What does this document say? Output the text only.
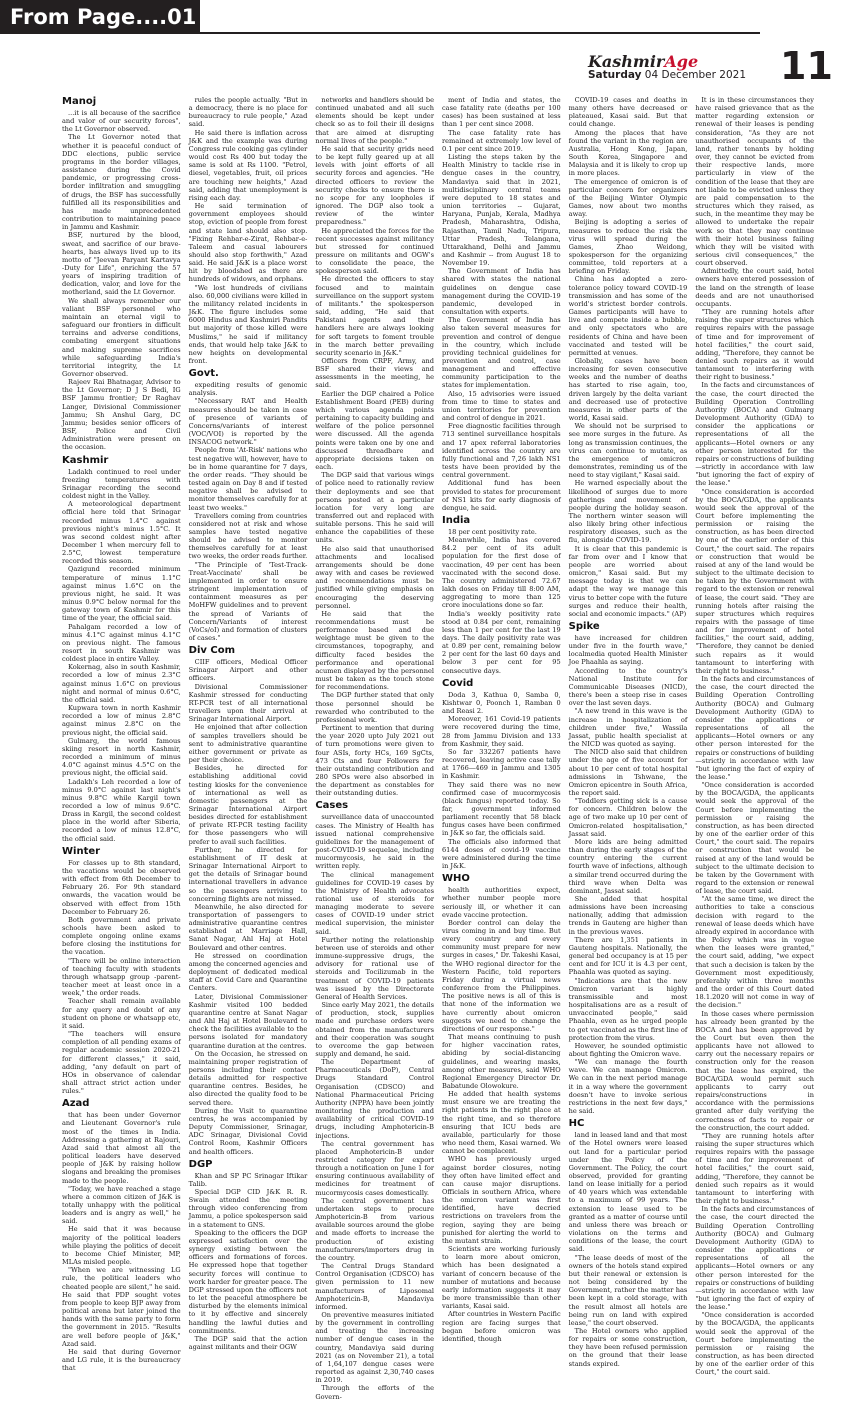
From Page....01
KashmirAge
Saturday 04 December 2021 11
Manoj

...it is all because of the sacrifice and valor of our security forces", the Lt Governor observed.

The Lt Governor noted that whether it is peaceful conduct of DDC elections, public service programs in the border villages, assistance during the Covid pandemic, or progressing cross-border infiltration and smuggling of drugs, the BSF has successfully fulfilled all its responsibilities and has made unprecedented contribution to maintaining peace in Jammu and Kashmir.

BSF, nurtured by the blood, sweat, and sacrifice of our brave-hearts, has always lived up to its motto of "Jeevan Paryant Kartavya -Duty for Life", enriching the 57 years of inspiring tradition of dedication, valor, and love for the motherland, said the Lt Governor.

We shall always remember our valiant BSF personnel who maintain an eternal vigil to safeguard our frontiers in difficult terrains and adverse conditions, combating emergent situations and making supreme sacrifices while safeguarding India's territorial integrity, the Lt Governor observed.

Rajeev Rai Bhatnagar, Advisor to the Lt Governor; D J S Bedi, IG BSF Jammu frontier; Dr Raghav Langer, Divisional Commissioner Jammu; Sh Anshul Garg, DC Jammu; besides senior officers of BSF, Police and Civil Administration were present on the occasion.

Kashmir

Ladakh continued to reel under freezing temperatures with Srinagar recording the second coldest night in the Valley.

A meteorological department official here told that Srinagar recorded minus 1.4°C against previous night's minus 1.5°C. It was second coldest night after December 1 when mercury fell to 2.5°C, lowest temperature recorded this season.

Qazigund recorded minimum temperature of minus 1.1°C against minus 1.6°C on the previous night, he said. It was minus 0.9°C below normal for the gateway town of Kashmir for this time of the year, the official said.

Pahalgam recorded a low of minus 4.1°C against minus 4.1°C on previous night. The famous resort in south Kashmir was coldest place in entire Valley.

Kokernag, also in south Kashmir, recorded a low of minus 2.3°C against minus 1.6°C on previous night and normal of minus 0.6°C, the official said.

Kupwara town in north Kashmir recorded a low of minus 2.8°C against minus 2.8°C on the previous night, the official said.

Gulmarg, the world famous skiing resort in north Kashmir, recorded a minimum of minus 4.0°C against minus 4.5°C on the previous night, the official said.

Ladakh's Leh recorded a low of minus 9.0°C against last night's minus 9.8°C while Kargil town recorded a low of minus 9.6°C. Drass in Kargil, the second coldest place in the world after Siberia, recorded a low of minus 12.8°C, the official said.

Winter

For classes up to 8th standard, the vacations would be observed with effect from 6th December to February 26. For 9th standard onwards, the vacation would be observed with effect from 15th December to February 26.

Both government and private schools have been asked to complete ongoing online exams before closing the institutions for the vacation.

"There will be online interaction of teaching faculty with students through whatsapp group -parent-teacher meet at least once in a week," the order reads.

Teacher shall remain available for any query and doubt of any student on phone or whatsapp etc, it said.

"The teachers will ensure completion of all pending exams of regular academic session 2020-21 for different classes," it said, adding, "any default on part of HOs in observance of calendar shall attract strict action under rules."

Azad

that has been under Governor and Lieutenant Governor's rule most of the times in India. Addressing a gathering at Rajouri, Azad said that almost all the political leaders have deserved people of J&K by raising hollow slogans and breaking the promises made to the people.

"Today, we have reached a stage where a common citizen of J&K is totally unhappy with the political leaders and is angry as well," he said.

He said that it was because majority of the political leaders while playing the politics of deceit to become Chief Minister, MP, MLAs misled people.

"When we are witnessing LG rule, the political leaders who cheated people are silent," he said. He said that PDP sought votes from people to keep BJP away from political arena but later joined the hands with the same party to form the government in 2015. "Results are well before people of J&K," Azad said.

He said that during Governor and LG rule, it is the bureaucracy that

rules the people actually. "But in a democracy, there is no place for bureaucracy to rule people," Azad said.

He said there is inflation across J&K and the example was during Congress rule cooking gas cylinder would cost Rs 400 but today the same is sold at Rs 1100. "Petrol, diesel, vegetables, fruit, oil prices are touching new heights," Azad said, adding that unemployment is rising each day.

He said termination of government employees should stop, eviction of people from forest and state land should also stop. "Fixing Rehbar-e-Zirat, Rehbar-e-Taleem and casual labourers should also stop forthwith," Azad said. He said J&K is a place worst hit by bloodshed as there are hundreds of widows, and orphans.

"We lost hundreds of civilians also. 60,000 civilians were killed in the militancy related incidents in J&K. The figure includes some 6000 Hindus and Kashmiri Pandits but majority of those killed were Muslims," he said if militancy ends, that would help take J&K to new heights on developmental front.

Govt.

expediting results of genomic analysis.

"Necessary RAT and Health measures should be taken in case of presence of variants of Concerns/variants of interest (VOC/VOI) is reported by the INSACOG network."

People from 'At-Risk' nations who test negative will, however, have to be in home quarantine for 7 days, the order reads. "They should be tested again on Day 8 and if tested negative shall be advised to monitor themselves carefully for at least two weeks."

Travellers coming from countries considered not at risk and whose samples have tested negative should be advised to monitor themselves carefully for at least two weeks, the order reads further.

"The Principle of 'Test-Track-Treat-Vaccinate' shall be implemented in order to ensure stringent implementation of containment measures as per MoHFW guidelines and to prevent the spread of Variants of Concern/Variants of interest (VoCs/oI) and formation of clusters of cases."

Div Com

CIIF officers, Medical Officer Srinagar Airport and other officers.

Divisional Commissioner Kashmir stressed for conducting RT-PCR test of all international travellers upon their arrival at Srinagar International Airport.

He enjoined that after collection of samples travellers should be sent to administrative quarantine either government or private as per their choice.

Besides, he directed for establishing additional covid testing kiosks for the convenience of international as well as domestic passengers at the Srinagar International Airport besides directed for establishment of private RT-PCR testing facility for those passengers who will prefer to avail such facilities.

Further, he directed for establishment of IT desk at Srinagar International Airport to get the details of Srinagar bound international travellers in advance so the passengers arriving to concerning flights are not missed.

Meanwhile, he also directed for transportation of passengers to administrative quarantine centres established at Marriage Hall, Sanat Nagar, Ahl Haj at Hotel Boulevard and other centres.

He stressed on coordination among the concerned agencies and deployment of dedicated medical staff at Covid Care and Quarantine Centers.

Later, Divisional Commissioner Kashmir visited 100 bedded quarantine centre at Sanat Nagar and Ahl Haj at Hotel Boulevard to check the facilities available to the persons isolated for mandatory quarantine duration at the centres.

On the Occasion, he stressed on maintaining proper registration of persons including their contact details admitted for respective quarantine centres. Besides, he also directed the quality food to be served there.

During the Visit to quarantine centres, he was accompanied by Deputy Commissioner, Srinagar, ADC Srinagar, Divisional Covid Control Room, Kashmir Officers and health officers.

DGP

Khan and SP PC Srinagar Iftikar Talib.

Special DGP CID J&K R. R. Swain attended the meeting through video conferencing from Jammu, a police spokesperson said in a statement to GNS.

Speaking to the officers the DGP expressed satisfaction over the synergy existing between the officers and formations of forces. He expressed hope that together security forces will continue to work harder for greater peace. The DGP stressed upon the officers not to let the peaceful atmosphere be disturbed by the elements inimical to it by effective and sincerely handling the lawful duties and commitments.

The DGP said that the action against militants and their OGW

networks and handlers should be continued unabated and all such elements should be kept under check so as to foil their ill designs that are aimed at disrupting normal lives of the people."

He said that security grids need to be kept fully geared up at all levels with joint efforts of all security forces and agencies. "He directed officers to review the security checks to ensure there is no scope for any loopholes if ignored. The DGP also took a review of the winter preparedness."

He appreciated the forces for the recent successes against militancy but stressed for continued pressure on militants and OGW's to consolidate the peace, the spokesperson said.

He directed the officers to stay focused and to maintain surveillance on the support system of militants." the spokesperson said, adding, "He said that Pakistani agents and their handlers here are always looking for soft targets to foment trouble in the march better prevailing security scenario in J&K."

Officers from CRPF, Army, and BSF shared their views and assessments in the meeting, he said.

Earlier the DGP chaired a Police Establishment Board (PEB) during which various agenda points pertaining to capacity building and welfare of the police personnel were discussed. All the agenda points were taken one by one and discussed threadbare and appropriate decisions taken on each.

The DGP said that various wings of police need to rationally review their deployments and see that persons posted at a particular location for very long are transferred out and replaced with suitable persons. This he said will enhance the capabilities of these units.

He also said that unauthorised attachments and localised arrangements should be done away with and cases be reviewed and recommendations must be justified while giving emphasis on encouraging the deserving personnel.

He said that the recommendations must be performance based and due weightage must be given to the circumstances, topography, and difficulty faced besides the performance and operational acumen displayed by the personnel must be taken as the touch stone for recommendations.

The DGP further stated that only those personnel should be rewarded who contributed to the professional work.

Pertinent to mention that during the year 2020 upto July 2021 out of turn promotions were given to four ASIs, forty HCs, 169 SgCts, 473 Cts and four Followers for their outstanding contribution and 280 SPOs were also absorbed in the department as constables for their outstanding duties.

Cases

surveillance data of unaccounted cases. The Ministry of Health has issued national comprehensive guidelines for the management of post-COVID-19 sequelae, including mucormycosis, he said in the written reply.

The clinical management guidelines for COVID-19 cases by the Ministry of Health advocates rational use of steroids for managing moderate to severe cases of COVID-19 under strict medical supervision, the minister said.

Further noting the relationship between use of steroids and other immune-suppressive drugs, the advisory for rational use of steroids and Tocilizumab in the treatment of COVID-19 patients was issued by the Directorate General of Health Services.

Since early May 2021, the details of production, stock, supplies made and purchase orders were obtained from the manufacturers and their cooperation was sought to overcome the gap between supply and demand, he said.

The Department of Pharmaceuticals (DoP), Central Drugs Standard Control Organisation (CDSCO) and National Pharmaceutical Pricing Authority (NPPA) have been jointly monitoring the production and availability of critical COVID-19 drugs, including Amphotericin-B injections.

The central government has placed Amphotericin-B under restricted category for export through a notification on June 1 for ensuring continuous availability of medicines for treatment of mucormycosis cases domestically.

The central government has undertaken steps to procure Amphotericin-B from various available sources around the globe and made efforts to increase the production of existing manufacturers/importers drug in the country.

The Central Drugs Standard Control Organisation (CDSCO) has given permission to 11 new manufacturers of Liposomal Amphotericin-B, Mandaviya informed.

On preventive measures initiated by the government in controlling and treating the increasing number of dengue cases in the country, Mandaviya said during 2021 (as on November 21), a total of 1,64,107 dengue cases were reported as against 2,30,740 cases in 2019.

Through the efforts of the Govern-

ment of India and states, the case fatality rate (deaths per 100 cases) has been sustained at less than 1 per cent since 2008.

The case fatality rate has remained at extremely low level of 0.1 per cent since 2019.

Listing the steps taken by the Health Ministry to tackle rise in dengue cases in the country, Mandaviya said that in 2021, multidisciplinary central teams were deputed to 18 states and union territories -- Gujarat, Haryana, Punjab, Kerala, Madhya Pradesh, Maharashtra, Odisha, Rajasthan, Tamil Nadu, Tripura, Uttar Pradesh, Telangana, Uttarakhand, Delhi and Jammu and Kashmir -- from August 18 to November 19.

The Government of India has shared with states the national guidelines on dengue case management during the COVID-19 pandemic, developed in consultation with experts.

The Government of India has also taken several measures for prevention and control of dengue in the country, which include providing technical guidelines for prevention and control, case management and effective community participation to the states for implementation.

Also, 15 advisories were issued from time to time to states and union territories for prevention and control of dengue in 2021.

Free diagnostic facilities through 713 sentinel surveillance hospitals and 17 apex referral laboratories identified across the country are fully functional and 7,26 lakh NS1 tests have been provided by the central government.

Additional fund has been provided to states for procurement of NS1 kits for early diagnosis of dengue, he said.

India

18 per cent positivity rate.

Meanwhile, India has covered 84.2 per cent of its adult population for the first dose of vaccination, 49 per cent has been vaccinated with the second dose. The country administered 72.67 lakh doses on Friday till 8:00 AM, aggregating to more than 125 crore inoculations done so far.

India's weekly positivity rate stood at 0.84 per cent, remaining less than 1 per cent for the last 19 days. The daily positivity rate was at 0.89 per cent, remaining below 2 per cent for the last 60 days and below 3 per cent for 95 consecutive days.

Covid

Doda 3, Kathua 0, Samba 0, Kishtwar 0, Poonch 1, Ramban 0 and Reasi 2.

Moreover, 161 Covid-19 patients were recovered during the time, 28 from Jammu Division and 133 from Kashmir, they said.

So far 332267 patients have recovered, leaving active case tally at 1766—469 in Jammu and 1305 in Kashmir.

They said there was no new confirmed case of mucormycosis (black fungus) reported today. So far, government informed parliament recently that 58 black fungus cases have been confirmed in J&K so far, the officials said.

The officials also informed that 6144 doses of covid-19 vaccine were administered during the time in J&K.

WHO

health authorities expect, whether number people more seriously ill, or whether it can evade vaccine protection.

Border control can delay the virus coming in and buy time. But every country and every community must prepare for new surges in cases," Dr. Takeshi Kasai, the WHO regional director for the Western Pacific, told reporters Friday during a virtual news conference from the Philippines. The positive news is all of this is that none of the information we have currently about omicron suggests we need to change the directions of our response."

That means continuing to push for higher vaccination rates, abiding by social-distancing guidelines, and wearing masks, among other measures, said WHO Regional Emergency Director Dr. Babatunde Olowokure.

He added that health systems must ensure we are treating the right patients in the right place at the right time, and so therefore ensuring that ICU beds are available, particularly for those who need them, Kasai warned. We cannot be complacent.

WHO has previously urged against border closures, noting they often have limited effect and can cause major disruptions. Officials in southern Africa, where the omicron variant was first identified, have decried restrictions on travelers from the region, saying they are being punished for alerting the world to the mutant strain.

Scientists are working furiously to learn more about omicron, which has been designated a variant of concern because of the number of mutations and because early information suggests it may be more transmissible than other variants, Kasai said.

After countries in Western Pacific region are facing surges that began before omicron was identified, though

COVID-19 cases and deaths in many others have decreased or plateaued, Kasai said. But that could change.

Among the places that have found the variant in the region are Australia, Hong Kong, Japan, South Korea, Singapore and Malaysia and it is likely to crop up in more places.

The emergence of omicron is of particular concern for organizers of the Beijing Winter Olympic Games, now about two months away.

Beijing is adopting a series of measures to reduce the risk the virus will spread during the Games, Zhao Weidong, spokesperson for the organizing committee, told reporters at a briefing on Friday.

China has adopted a zero-tolerance policy toward COVID-19 transmission and has some of the world's strictest border controls. Games participants will have to live and compete inside a bubble, and only spectators who are residents of China and have been vaccinated and tested will be permitted at venues.

Globally, cases have been increasing for seven consecutive weeks and the number of deaths has started to rise again, too, driven largely by the delta variant and decreased use of protective measures in other parts of the world, Kasai said.

We should not be surprised to see more surges in the future. As long as transmission continues, the virus can continue to mutate, as the emergence of omicron demonstrates, reminding us of the need to stay vigilant," Kasai said.

He warned especially about the likelihood of surges due to more gatherings and movement of people during the holiday season. The northern winter season will also likely bring other infectious respiratory diseases, such as the flu, alongside COVID-19.

It is clear that this pandemic is far from over and I know that people are worried about omicron," Kasai said. But my message today is that we can adapt the way we manage this virus to better cope with the future surges and reduce their health, social and economic impacts." (AP)

Spike

have increased for children under five in the fourth wave," localmedia quoted Health Minister Joe Phaahla as saying.

According to the country's National Institute for Communicable Diseases (NICD), there's been a steep rise in cases over the last seven days.

"A new trend in this wave is the increase in hospitalization of children under five," Wassila Jassat, public health specialist at the NICD was quoted as saying.

The NICD also said that children under the age of five account for about 10 per cent of total hospital admissions in Tshwane, the Omicron epicentre in South Africa, the report said.

"Toddlers getting sick is a cause for concern. Children below the age of two make up 10 per cent of Omicron-related hospitalisation," Jassat said.

More kids are being admitted than during the early stages of the country entering the current fourth wave of infections, although a similar trend occurred during the third wave when Delta was dominant, Jassat said.

She added that hospital admissions have been increasing nationally, adding that admission trends in Gauteng are higher than in the previous waves.

There are 1,351 patients in Gauteng hospitals. Nationally, the general bed occupancy is at 15 per cent and for ICU it is 4.3 per cent, Phaahla was quoted as saying.

"Indications are that the new Omicron variant is highly transmissible and most hospitalisations are as a result of unvaccinated people," said Phaahla, even as he urged people to get vaccinated as the first line of protection from the virus.

However, he sounded optimistic about fighting the Omicron wave.

"We can manage the fourth wave. We can manage Omicron. We can in the next period manage it in a way where the government doesn't have to invoke serious restrictions in the next few days," he said.

HC

land in leased land and that most of the Hotel owners were leased out land for a particular period under the Policy of the Government. The Policy, the court observed, provided for granting land on lease initially for a period of 40 years which was extendable to a maximum of 99 years. The extension to lease used to be granted as a matter of course until and unless there was breach or violations on the terms and conditions of the lease, the court said.

"The lease deeds of most of the owners of the hotels stand expired but their renewal or extension is not being considered by the Government, rather the matter has been kept in a cold storage, with the result almost all hotels are being run on land with expired lease," the court observed.

The Hotel owners who applied for repairs or some construction, they have been refused permission on the ground that their lease stands expired.

It is in these circumstances they have raised grievance that as the matter regarding extension or renewal of their leases is pending consideration, "As they are not unauthorised occupants of the land, rather tenants by holding over, they cannot be evicted from their respective lands, more particularly in view of the condition of the lease that they are not liable to be evicted unless they are paid compensation to the structures which they raised, as such, in the meantime they may be allowed to undertake the repair work so that they may continue with their hotel business failing which they will be visited with serious civil consequences," the court observed.

Admittedly, the court said, hotel owners have entered possession of the land on the strength of lease deeds and are not unauthorised occupants.

"They are running hotels after raising the super structures which requires repairs with the passage of time and for improvement of hotel facilities," the court said, adding, "Therefore, they cannot be denied such repairs as it would tantamount to interfering with their right to business."

In the facts and circumstances of the case, the court directed the Building Operation Controlling Authority (BOCA) and Gulmarg Development Authority (GDA) to consider the applications or representations of all the applicants—Hotel owners or any other person interested for the repairs or constructions of building—strictly in accordance with law "but ignoring the fact of expiry of the lease."

"Once consideration is accorded by the BOCA/GDA, the applicants would seek the approval of the Court before implementing the permission or raising the construction, as has been directed by one of the earlier order of this Court," the court said. The repairs or construction that would be raised at any of the land would be subject to the ultimate decision to be taken by the Government with regard to the extension or renewal of lease, the court said. "They are running hotels after raising the super structures which requires repairs with the passage of time and for improvement of hotel facilities," the court said, adding, "Therefore, they cannot be denied such repairs as it would tantamount to interfering with their right to business."

In the facts and circumstances of the case, the court directed the Building Operation Controlling Authority (BOCA) and Gulmarg Development Authority (GDA) to consider the applications or representations of all the applicants—Hotel owners or any other person interested for the repairs or constructions of building—strictly in accordance with law "but ignoring the fact of expiry of the lease."

"Once consideration is accorded by the BOCA/GDA, the applicants would seek the approval of the Court before implementing the permission or raising the construction, as has been directed by one of the earlier order of this Court," the court said. The repairs or construction that would be raised at any of the land would be subject to the ultimate decision to be taken by the Government with regard to the extension or renewal of lease, the court said.

"At the same time, we direct the authorities to take a conscious decision with regard to the renewal of lease deeds which have already expired in accordance with the Policy which was in vogue when the leases were granted," the court said, adding, "we expect that such a decision is taken by the Government most expeditiously, preferably within three months and the order of this Court dated 18.1.2020 will not come in way of the decision."

In those cases where permission has already been granted by the BOCA and has been approved by the Court but even then the applicants have not allowed to carry out the necessary repairs or construction only for the reason that the lease has expired, the BOCA/GDA would permit such applicants to carry out repairs/constructions in accordance with the permissions granted after duly verifying the correctness of facts to repair or the construction, the court added.

"They are running hotels after raising the super structures which requires repairs with the passage of time and for improvement of hotel facilities," the court said, adding, "Therefore, they cannot be denied such repairs as it would tantamount to interfering with their right to business."

In the facts and circumstances of the case, the court directed the Building Operation Controlling Authority (BOCA) and Gulmarg Development Authority (GDA) to consider the applications or representations of all the applicants—Hotel owners or any other person interested for the repairs or constructions of building—strictly in accordance with law "but ignoring the fact of expiry of the lease."

"Once consideration is accorded by the BOCA/GDA, the applicants would seek the approval of the Court before implementing the permission or raising the construction, as has been directed by one of the earlier order of this Court," the court said.
